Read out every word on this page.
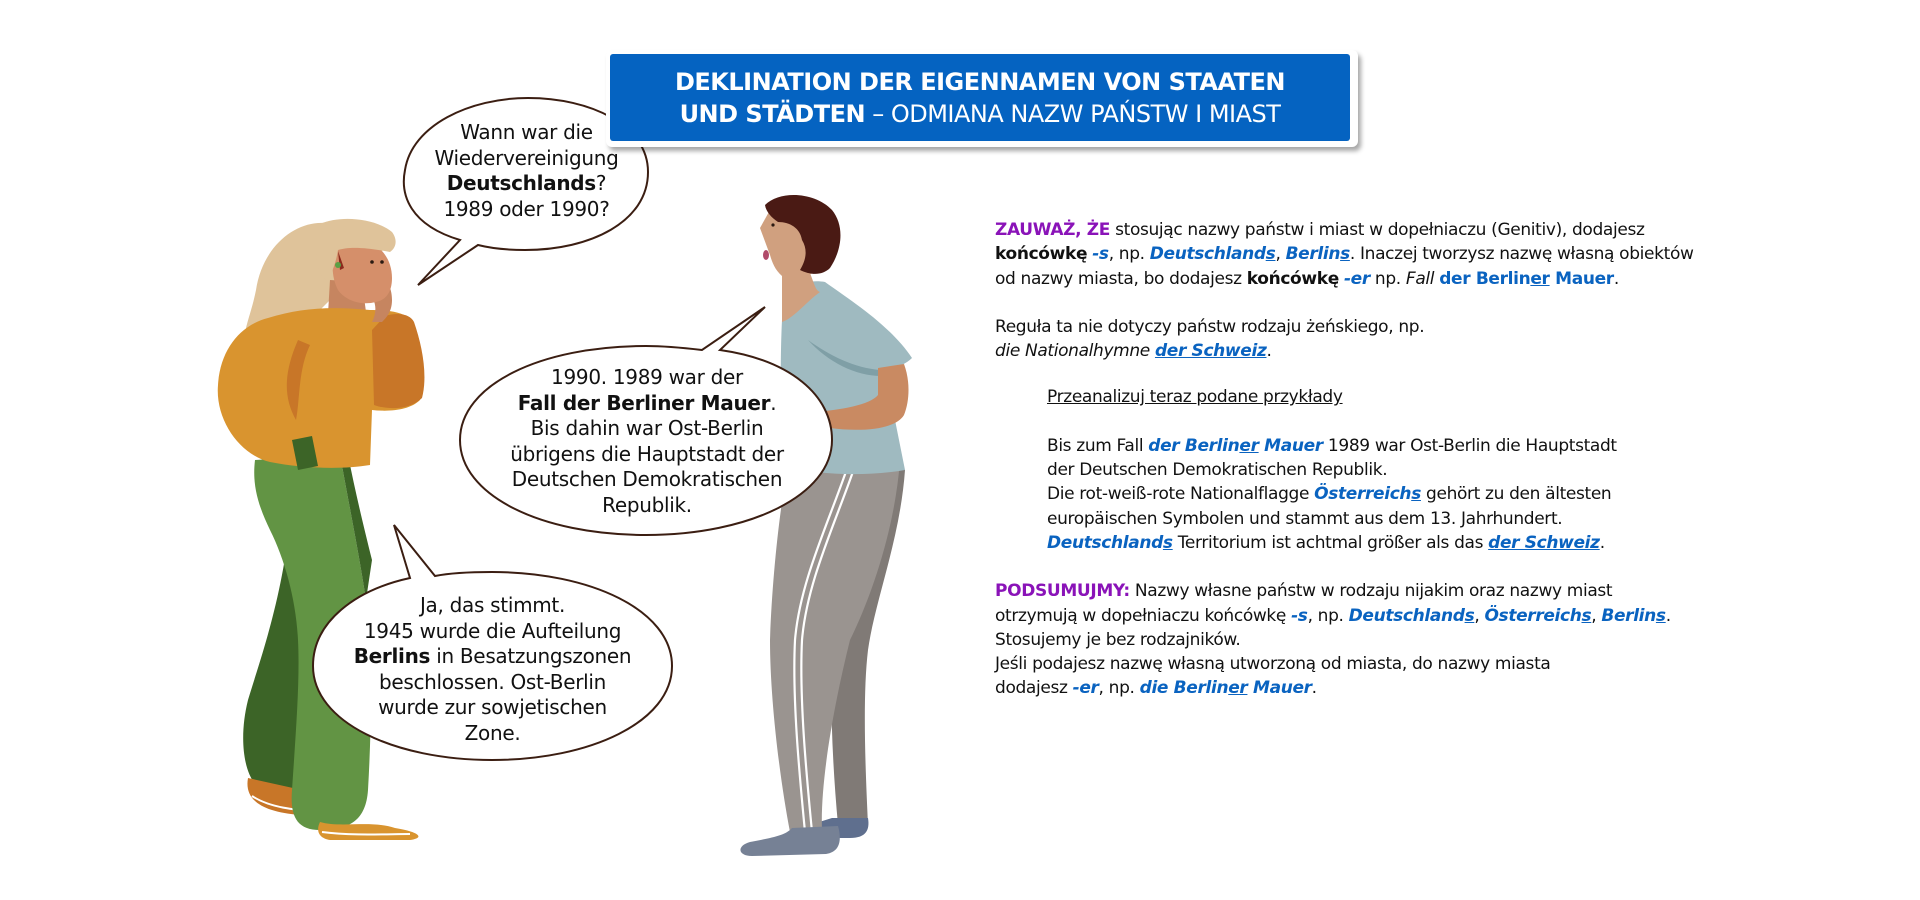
DEKLINATION DER EIGENNAMEN VON STAATEN
UND STÄDTEN – ODMIANA NAZW PAŃSTW I MIAST
Wann war die
Wiedervereinigung
Deutschlands?
1989 oder 1990?
1990. 1989 war der
Fall der Berliner Mauer.
Bis dahin war Ost-Berlin
übrigens die Hauptstadt der
Deutschen Demokratischen
Republik.
Ja, das stimmt.
1945 wurde die Aufteilung
Berlins in Besatzungszonen
beschlossen. Ost-Berlin
wurde zur sowjetischen
Zone.

ZAUWAŻ, ŻE stosując nazwy państw i miast w dopełniaczu (Genitiv), dodajesz

końcówkę -s, np. Deutschlands, Berlins. Inaczej tworzysz nazwę własną obiektów

od nazwy miasta, bo dodajesz końcówkę -er np. Fall der Berliner Mauer.

Reguła ta nie dotyczy państw rodzaju żeńskiego, np.

die Nationalhymne der Schweiz.

Przeanalizuj teraz podane przykłady

Bis zum Fall der Berliner Mauer 1989 war Ost-Berlin die Hauptstadt

der Deutschen Demokratischen Republik.

Die rot-weiß-rote Nationalflagge Österreichs gehört zu den ältesten

europäischen Symbolen und stammt aus dem 13. Jahrhundert.

Deutschlands Territorium ist achtmal größer als das der Schweiz.

PODSUMUJMY: Nazwy własne państw w rodzaju nijakim oraz nazwy miast

otrzymują w dopełniaczu końcówkę -s, np. Deutschlands, Österreichs, Berlins.

Stosujemy je bez rodzajników.

Jeśli podajesz nazwę własną utworzoną od miasta, do nazwy miasta

dodajesz -er, np. die Berliner Mauer.
